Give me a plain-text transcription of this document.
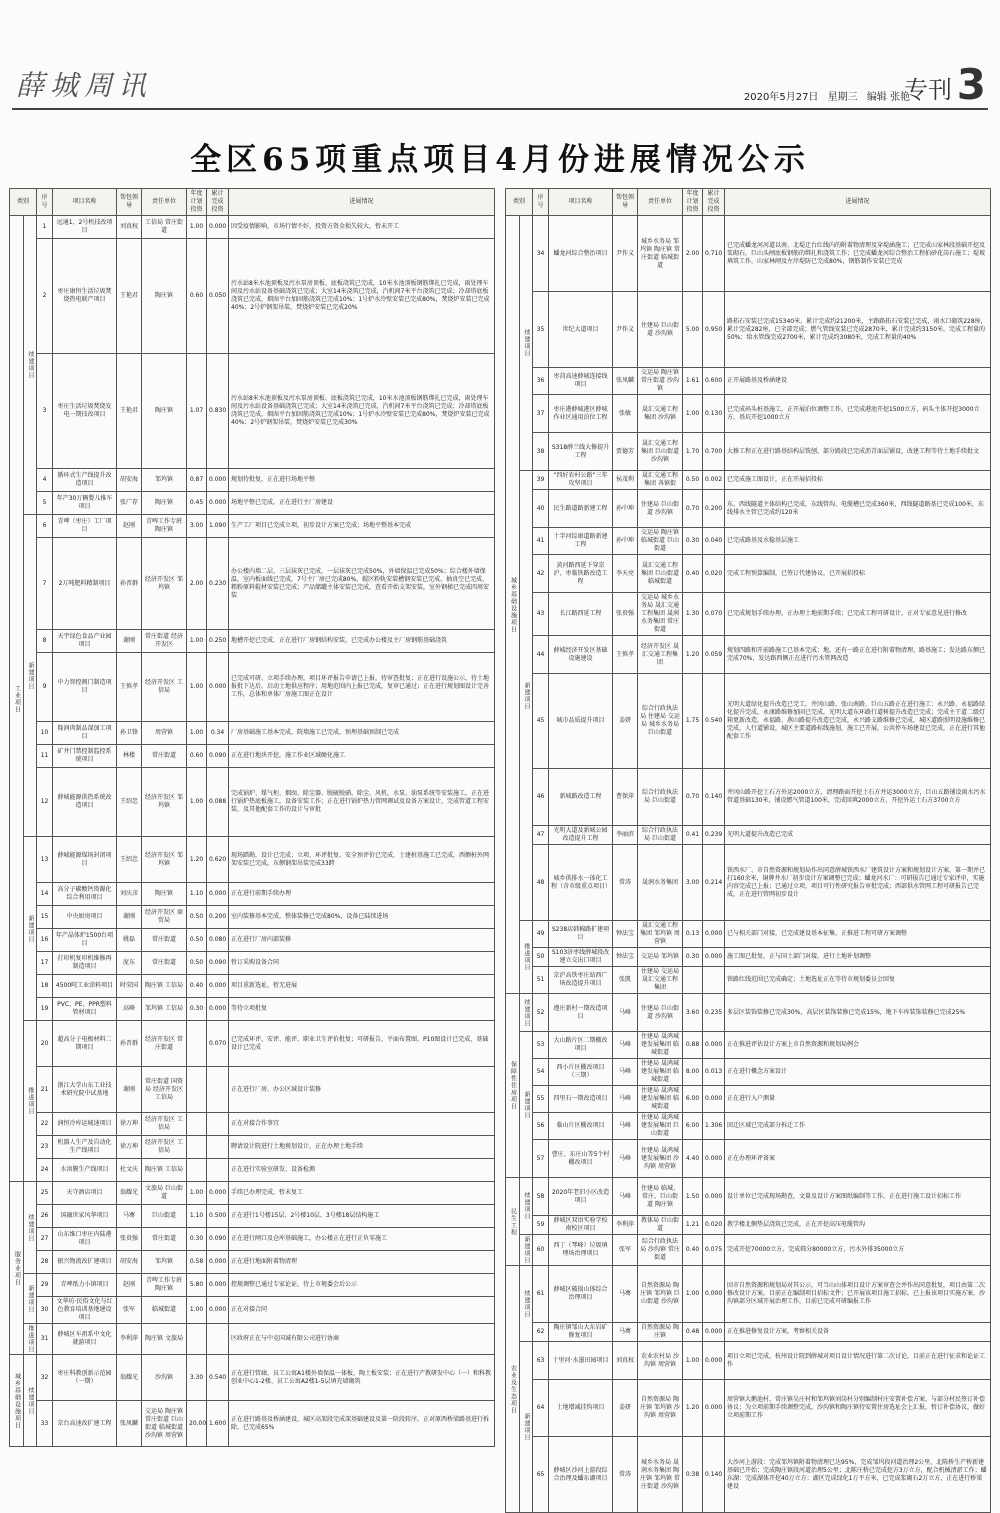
薛城周讯	2020年5月27日 星期三 编辑 张艳
专刊 3
全区65项重点项目4月份进展情况公示
类别		序号	项目名称	帮包领导	责任单位	年度计划投资	累计完成投资	进展情况
工业项目	续建项目	1	远通1、2号机技改项目	刘真权	工信局 常庄街道	1.00	0.000	因受疫情影响，市场行情不好，投资方资金损失较大，暂未开工
		2	枣庄康恒生活垃圾焚烧热电联产项目	王艳君	陶庄镇	0.60	0.050	污水站8米水池顶板及污水泵房顶板、底板浇筑已完成，10米水池顶板钢筋绑扎已完成，雨处理车间及污水站设备基础浇筑已完成；大室14米浇筑已完成，汽机间7米平台浇筑已完成；冷却塔底板浇筑已完成，烟囱平台加固筋浇筑已完成10%；1号炉水冷壁安装已完成80%，焚烧炉安装已完成40%；2号炉钢架吊装，焚烧炉安装已完成20%
		3	枣庄生活垃圾焚烧发电一期技改项目	王艳君	陶庄镇	1.07	0.830	污水站8米水池顶板及污水泵房顶板、底板浇筑已完成，10米水池顶板钢筋绑扎已完成，雨处理车间及污水站设备基础浇筑已完成；大室14米浇筑已完成，汽机间7米平台浇筑已完成；冷却塔底板浇筑已完成，烟囱平台加固筋浇筑已完成10%；1号炉水冷壁安装已完成80%，焚烧炉安装已完成40%；2号炉钢架吊装，焚烧炉安装已完成30%
		4	循环式生产线提升改造项目	胡安海	邹坞镇	0.87	0.000	规划待批复，正在进行场地平整
		5	年产30万辆婴儿推车项目	张广存	陶庄镇	0.45	0.000	场地平整已完成，正在进行主厂房建设
	新建项目	6	青啤（枣庄）工厂项目	赵刚	青啤工作专班 陶庄镇	3.00	1.090	生产工厂项目已完成立项，初步设计方案已完成；场地平整基本完成
		7	2万吨肥料精制项目	孙晋群	经济开发区 邹坞镇	2.00	0.230	办公楼内墙二层、三层抹灰已完成，一层抹灰已完成50%，外墙保温已完成50%；综合楼外墙保温，室内板面线已完成，7号主厂房已完成80%，辊区粉轨安装槽钢安装已完成，抽真空已完成，粗粉原料辊材安装已完成；产品储罐主体安装已完成，查看开始支架安装，室外钢梯已完成四周安装
		8	天宇绿色食品产业园项目	谢刚	常庄街道 经济开发区	1.00	0.250	地槽开挖已完成，正在进行厂房钢结构安装，已完成办公楼及主厂房钢筋基础浇筑
		9	中力智控阀门制造项目	王慎孝	经济开发区 工信局	1.00	0.000	已完成可研、立项手续办理，项目环评报告申请已上报，待审查批复；正在进行设施公示，待土地报批下达后，启动土地供应程序；用地范围内上报已完成，复审已通过；正在进行规划图设计完善工作，总体和单体厂房施工图正在设计
		10	隆润肉制品深加工项目	孙卫锋	周营镇	1.00	0.34	厂房基础施工基本完成，院墙施工已完成，预埋基础预制已完成
		11	矿井门禁控制监控系统项目	林楼	常庄街道	0.60	0.090	正在进行地块开挖，施工作业区域硬化施工
		12	薛城能源供热系统改造项目	王绍忠	经济开发区 邹坞镇	1.00	0.088	完成锅炉、煤气柜、烟囱、除尘器、脱硫脱硝、除尘、风机、水泵、油泵系统等安装施工，正在进行锅炉热底板施工，设备安装工作；正在进行锅炉热力管网调试及设备方案设计，完成管道工程安装，及其他配套工作的设计与审批
	新建项目	13	薛城能源煤场封闭项目	王绍忠	经济开发区 邹坞镇	1.20	0.620	现场踏勘，设计已完成；立项、环评批复、安全预评价已完成，土建桩基施工已完成，西侧桩外网架安装已完成，东侧钢架吊装完成33跨
		14	高分子碳酸钙资源化综合利用项目	刘庆彦	陶庄镇	1.10	0.000	正在进行前期手续办理
		15	中央厨房项目	谢刚	经济开发区 商贸局	0.50	0.200	室内装修基本完成，整体装修已完成80%，设备已陆续进场
		16	年产晶体炉1500台项目	姚磊	常庄街道	0.50	0.080	正在进行厂房内部装修
		17	打印机复印机维修再制造项目	庞东	常庄街道	0.50	0.090	暂订采购设备合同
		18	4500吨工业涂料项目	时荣国	陶庄镇 工信局	0.40	0.000	项目重新选址，暂无进展
		19	PVC、PE、PPR塑料管材项目	高峰	邹坞镇 工信局	0.30	0.000	等待立项批复
	推进项目	20	超高分子电极材料二期项目	孙晋群	经济开发区 常庄街道		0.070	已完成环评、安评、能评、职业卫生评价批复；可研报告、平面布置图、P10图设计已完成，基础设计已完成
		21	浙江大学山东工业技术研究院中试基地	谢刚	常庄街道 国资局 经济开发区 工信局			正在进行厂房、办公区域设计装修
		22	润恒冷库运城速项目	徐万坤	经济开发区 工信局			正在对接合作事宜
		23	机器人生产及自动化生产线项目	徐万坤	经济开发区 工信局			聘请设计院进行土地规划设计，正在办理土地手续
		24	水溶膜生产线项目	杜文庆	陶庄镇 工信局			正在进行实验室研发、设备检测
服务业项目	续建项目	25	天守酒店项目	翁耀光	文旅局 巨山街道	1.00	0.000	手续已办理完成，暂未复工
		26	国融世家风华项目	马骞	巨山街道	1.10	0.500	正在进行1号楼15层、2号楼10层、3号楼18层结构施工
		27	山东维口枣庄内陆港项目	张贵强	常庄街道	0.30	0.090	正在进行闸口及仓库基础施工，办公楼正在进行正负零施工
		28	振兴物流改扩建项目	胡安海	邹坞镇	0.58	0.000	正在进行地面附着物清理
	新建项目	29	青啤纸力小镇项目	赵刚	青啤工作专班 陶庄镇	5.80	0.000	控规调整已通过专家论证，待上市规委会后公示
		30	文华坊·民俗文化与红色教育培训基地建设项目	张军	临城街道	1.00	0.000	正在对接合同
	推进项目	31	薛城区车祖系中文化就游项目	李利萍	陶庄镇 文旅局			区政府正在与中竞国诚有限公司进行协商
城乡基础设施项目	续建项目	32	枣庄科教创新示范园（一期）	翁耀光	沙沟镇	3.30	0.540	正在进行管廊、员工公寓A1楼外墙保温一体板、陶土板安装；正在进行产教研发中心（一）和科教创业中心1-2楼、员工公寓A2楼1-5层填充墙砌筑
		33	京台高速改扩建工程	张凤麟	交运局 陶庄镇 常庄街道 巨山街道 临城街道 沙沟镇 周营镇	20.00	1.600	正在进行路基及桥涵建设，城区高架段完成深基础建设及第一阶段转序，正对原西桥梁路基进行拆除，已完成65%
类别		序号	项目名称	帮包领导	责任单位	年度计划投资	累计完成投资	进展情况
城乡基础设施项目	续建项目	34	蟠龙河综合整治项目	尹作义	城乡水务局 邹坞镇 陶庄镇 常庄街道 临城街道	2.00	0.710	已完成蟠龙河河道以南、北堤迁台红线内的附着物清理及穿堤涵施工；已完成山家林段基础开挖及浆砌石，巨山头闸底板钢筋的绑扎和浇筑工作；已完成蟠龙河综合整治工程拍砂花岗石施工；堤坡填筑工作，山家林闸及左岸堤防已完成80%，钢筋制作安装已完成
		35	世纪大道项目	尹作义	住建局 巨山街道 沙沟镇	5.00	0.950	路拓石安装已完成15340米，累计完成约21200米，主路路拓石安装已完成，雨水口砌筑228座，累计完成282座，已全部完成；燃气管线安装已完成2870米，累计完成约3150米，完成工程量的50%；给水管线完成2700米，累计完成约3080米，完成工程量的40%
		36	枣菏高速薛城连接线项目	张凤麟	交运局 陶庄镇 常庄街道 沙沟镇	1.61	0.600	正开展路基及桥涵建设
		37	枣庄港薛城港区薛城作业区通用泊位工程	张敏	晟汇交通工程集团 沙沟镇	1.00	0.130	已完成码头桩基施工，正开展泊位调整工作，已完成港池开挖1500立方，码头主体开挖3000立方，基坑开挖1000立方
		38	S318薛兰线大修提升工程	贾德芳	晟汇交通工程集团 巨山街道 沙沟镇	1.70	0.700	大修工程正在进行路基结构层铣刨，部分路段已完成沥青面层铺设，改建工程等待土地手续批文
	新建项目	39	“四好农村公路”三年攻坚项目	侯茂利	晟汇交通工程集团 各镇街	0.50	0.002	已完成施工图设计，正在开展招投标
		40	民生路道路新建工程	孙中坤	住建局 巨山街道 沙沟镇	0.70	0.200	东、西线隧道主体结构已完成，东线管沟、电缆槽已完成360米，西线隧道路基已完成100米，东线排水主管已完成约120米
		41	十字河综康道路新建工程	孙中坤	交运局 陶庄镇 临城街道 巨山街道	0.30	0.040	已完成路基及水稳基层施工
		42	黄河路西延下穿京沪、枣临铁路改造工程	李天亮	晟汇交通工程集团 巨山街道 临城街道	0.40	0.020	完成工程预算编制，已签订代建协议，已开展招投标
		43	长江路西延工程	张贵强	交运局 城乡水务局 晟汇交通工程集团 晟润水务集团 常庄街道	1.30	0.070	已完成规划手续办理，正办理土地前期手续；已完成工程可研设计，正对专家意见进行修改
		44	薛城经济开发区基础设施建设	王慎孝	经济开发区 晟汇交通工程集团	1.20	0.059	规划四路和开前路施工已基本完成；地，还有一路正在进行附着物清理，路基施工；发达路东侧已完成70%，发达路西侧正在进行污水管网改造
		45	城市品质提升项目	姜妍	综合行政执法局 住建局 交运局 城乡水务局 巨山街道	1.75	0.540	光明大道绿化提升改造已完工，井冈山路、张山南路、巨山五路正在进行施工：永兴路、永福路绿化提升完成，永康路维修加固已完成，光明大道东环路行道树提升改造已完成；完成主干道二级灯箱更新改造，永福路、燕山路提升改造已完成，永兴路支路维修已完成，城区道路照明设施维修已完成，人行道铺设，城区主要道路标线施划，施工已开展，公共停车场建设已完成，正在进行其他配套工作
		46	新城路改造工程	曹保萍	综合行政执法局 巨山街道	0.70	0.140	井冈山路开挖土石方外运2000立方，清理路面开挖土石方并运3000立方，巨山五路铺设雨水污水管道基础130米，铺设燃气管道100米，完成回填2000立方，开挖外运土石方3700立方
		47	光明大道及新城公园改造提升工程	李丽滨	综合行政执法局 巨山街道	0.41	0.239	光明大道提升改造已完成
		48	城乡供排水一体化工程（含市级重点项目）	常涛	晟润水务集团	3.00	0.214	铁西水厂、市自然资源和规划局作出同意薛城铁西水厂建筑设计方案和规划设计方案，第一期并已打160余米，铜牌井水厂初步设计方案调整已完成；蟠龙河水厂：可研报告已通过专家评审，实施内容完成已上报；已通过立项，项目可行性研究报告审批完成；西部供水管网工程可研报告已完成，正在进行管网初步设计
	推进项目	49	S238店韩棉路扩建项目	钟法宝	晟汇交通工程集团 邹坞镇 周营镇	0.13	0.000	已与相关部门对接，已完成建设基本征集，正推进工程可研方案调整
		50	S103济枣线薛城段改建立交出口项目	钟法宝	交运局 邹坞镇	0.30	0.000	施工图已批复，正与国土部门对接，进行土地补划调整
		51	京沪高铁枣庄站西广场改造提升项目	张凯	住建局 交运局 晟汇交通工程集团			铁路红线范围已完成确定；土地选址正在等待市规划委员会回复
保障性住房项目	续建项目	52	遵庄新村一期改造项目	马峰	住建局 巨山街道 沙沟镇	3.60	0.235	多层区装饰装修已完成30%，高层区装饰装修已完成15%，地下车库装饰装修已完成25%
	新建项目	53	大山路片区二期棚改项目	马峰	住建局 晟鸿城建发展集团 临城街道	0.88	0.000	正在推进评估设计方案上市自然资源和规划局例会
		54	西小片区棚改项目（三期）	马峰	住建局 晟鸿城建发展集团 临城街道	8.00	0.013	正在进行概念方案设计
		55	四里石一期改造项目	马峰	住建局 晟鸿城建发展集团 临城街道	6.00	0.000	正在进行入户测量
		56	临山片区棚改项目	马峰	住建局 晟鸿城建发展集团 巨山街道	6.00	1.306	回迁区域已完成部分拆迁工作
		57	曹庄、东庄山等5个村棚改项目	马峰	住建局 晟鸿城建发展集团 沙沟镇 周营镇	4.40	0.000	正在办理环评备案
民生工程	续建项目	58	2020年老旧小区改造项目	马峰	住建局 临城、常庄、巨山街道 陶庄镇	1.50	0.000	设计单位已完成现场勘查，文量及设计方案图纸编制等工作，正在进行施工设计招标工作
		59	薛城区双语实验学校南校区项目	李利萍	教体局 巨山街道	1.21	0.020	教学楼北侧垫层浇筑已完成，正在开挖高压电缆管沟
	新建项目	60	西丁（琴峰）垃圾填埋场治理项目	张军	综合行政执法局 沙沟镇 常庄街道	0.40	0.075	完成开挖70000立方，完成筛分80000立方，污水外排35000立方
农业及生态项目	续建项目	61	薛城区破损山体综合治理项目	马骞	自然资源局 陶庄镇 邹坞镇 巨山街道 沙沟镇	1.00	0.000	因市自然资源和规划局对其公示，可当山山体项目设计方案审查会并作出同意批复，项目由第二次修改设计方案，目前正在编制项目招标文件；已开展该项目施工招标，已上报该项目实施方案，沙沟镇部分区域开展治理工作，目前已完成可研编报工作
		62	陶庄镇邹山大东岩矿修复项目	马骞	自然资源局 陶庄镇	0.48	0.000	正在推进修复设计方案，考察相关设备
	新建项目	63	十里河·水墨田园项目	刘真权	农业农村局 沙沟镇 周营镇	1.00	0.000	项目立项已完成，杭州设计院到薛城对项目设计情况进行第二次讨论，目前正在进行征求和论证工作
		64	土地增减挂钩项目	姜妍	自然资源局 陶庄镇 邹坞镇 沙沟镇 周营镇	1.20	0.000	周营镇大鹅池村、常庄镇吴庄村和邹坞镇刘岗村分别编制村庄安置补偿方案，与部分村民签订补偿协议；为立项前期手续调整完成，沙沟镇和陶庄镇待安置住房选址会上汇报，暂订补偿协议，做好立项前期工作
		65	薛城区沙河上游段综合治理及蟠东湖项目	常涛	城乡水务局 晟润水务集团 陶庄镇 邹坞镇 常庄街道 沙沟镇	0.38	0.140	大沙河上游段：完成邹坞镇附着物清理已达95%，完成邹坞段河道治理2公里，北陈桥生产桥新建基础已开始；完成陶庄镇段河道治理5公里；北陈庄桥已完成挖方3万立方，配合机械清淤工作；蟠东湖：完成湖体开挖40万立方；湖区完成绿化1万平方米，已完成浆砌石2万立方，正在进行桥梁建设
